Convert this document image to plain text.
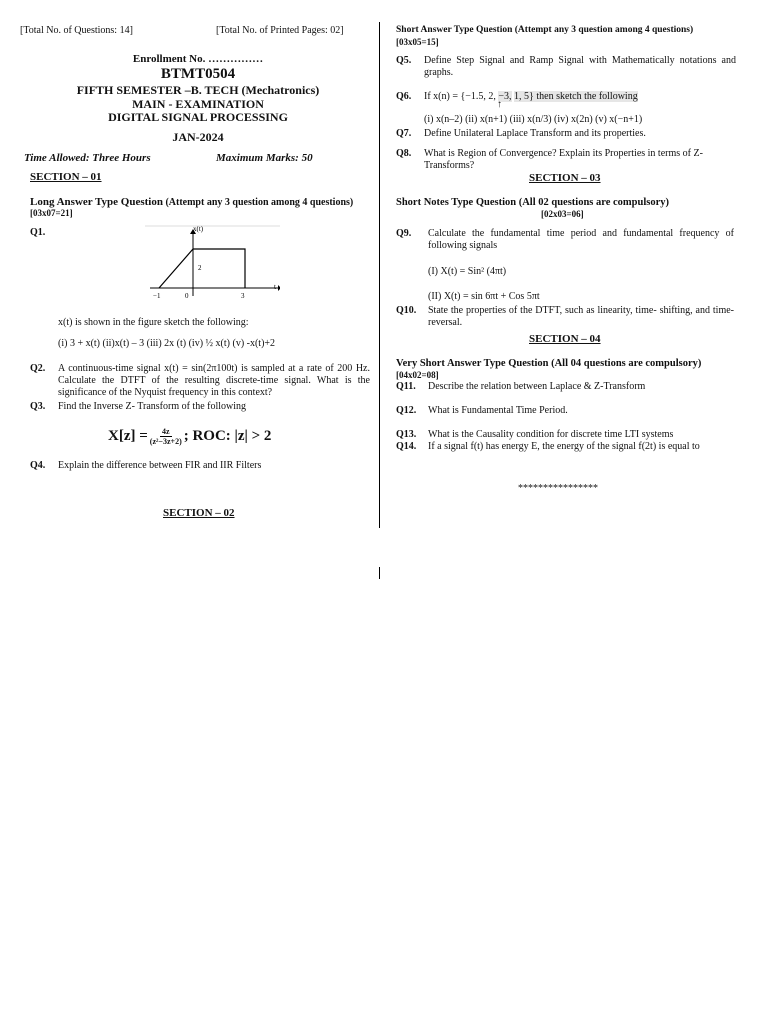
[Total No. of Questions: 14]	[Total No. of Printed Pages: 02]
Enrollment No. ……………
BTMT0504
FIFTH SEMESTER –B. TECH (Mechatronics)
MAIN - EXAMINATION
DIGITAL SIGNAL PROCESSING
JAN-2024
Time Allowed: Three Hours	Maximum Marks: 50
SECTION – 01
Long Answer Type Question (Attempt any 3 question among 4 questions)
[03x07=21]
Q1.	x(t)
t
−1	0	3
2
x(t) is shown in the figure sketch the following:
(i) 3 + x(t) (ii)x(t) – 3 (iii) 2x (t) (iv) ½ x(t) (v) -x(t)+2
Q2. A continuous-time signal x(t) = sin(2π100t) is sampled at a rate of 200 Hz. Calculate the DTFT of the resulting discrete-time signal. What is the significance of the Nyquist frequency in this context?
Q3. Find the Inverse Z- Transform of the following
$X[z] = \frac{4z}{\text{(z²−3z+2)}}$ ; ROC: |z| > 2
Q4. Explain the difference between FIR and IIR Filters
SECTION – 02
Short Answer Type Question (Attempt any 3 question among 4 questions)
[03x05=15]
Q5. Define Step Signal and Ramp Signal with Mathematically notations and graphs.
Q6. If x(n) = {−1.5, 2, −3, 1, 5} then sketch the following
↑
(i) x(n–2) (ii) x(n+1) (iii) x(n/3) (iv) x(2n) (v) x(−n+1)
Q7. Define Unilateral Laplace Transform and its properties.
Q8. What is Region of Convergence? Explain its Properties in terms of Z-Transforms?
SECTION – 03
Short Notes Type Question (All 02 questions are compulsory)
[02x03=06]
Q9. Calculate the fundamental time period and fundamental frequency of following signals
(I) X(t) = Sin² (4πt)
(II) X(t) = sin 6πt + Cos 5πt
Q10. State the properties of the DTFT, such as linearity, time- shifting, and time-reversal.
SECTION – 04
Very Short Answer Type Question (All 04 questions are compulsory)
[04x02=08]
Q11. Describe the relation between Laplace & Z-Transform
Q12. What is Fundamental Time Period.
Q13. What is the Causality condition for discrete time LTI systems
Q14. If a signal f(t) has energy E, the energy of the signal f(2t) is equal to
****************
